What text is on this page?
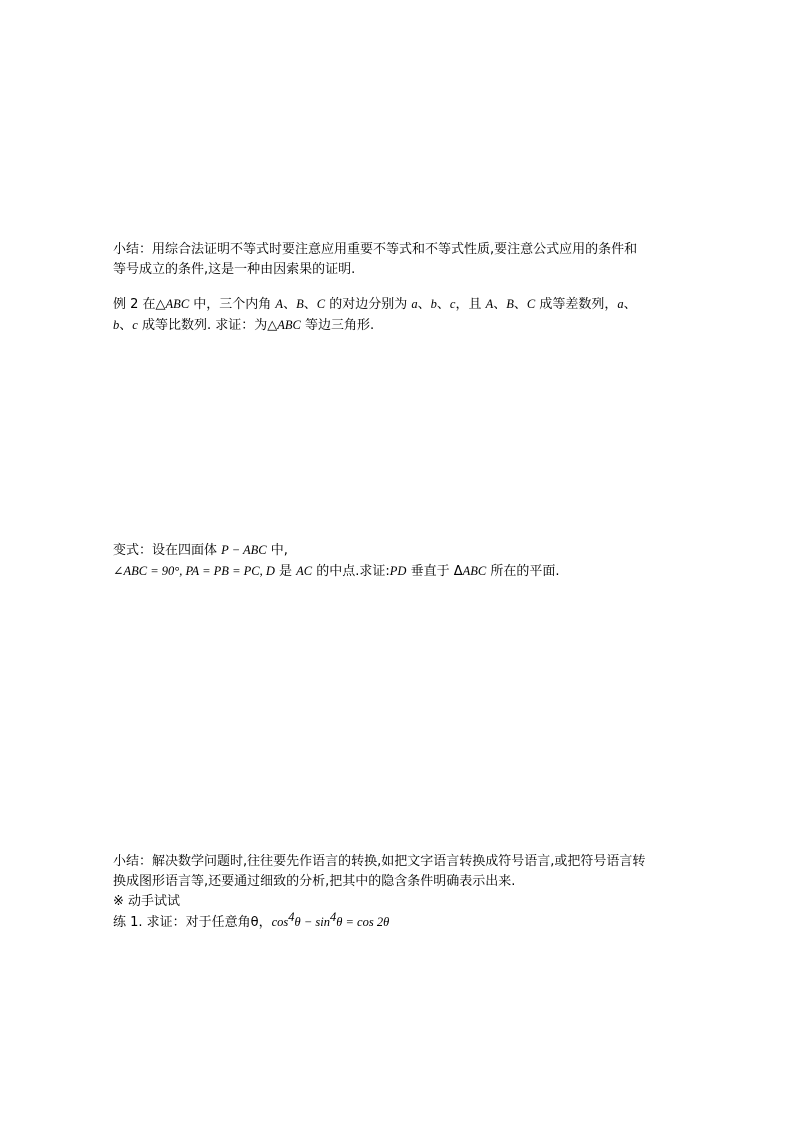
小结：用综合法证明不等式时要注意应用重要不等式和不等式性质,要注意公式应用的条件和
等号成立的条件,这是一种由因索果的证明.
例 2 在△ABC 中，三个内角 A、B、C 的对边分别为 a、b、c，且 A、B、C 成等差数列，a、
b、c 成等比数列. 求证：为△ABC 等边三角形.
变式：设在四面体 P − ABC 中,
∠ABC = 90°, PA = PB = PC, D 是 AC 的中点.求证:PD 垂直于 ΔABC 所在的平面.
小结：解决数学问题时,往往要先作语言的转换,如把文字语言转换成符号语言,或把符号语言转
换成图形语言等,还要通过细致的分析,把其中的隐含条件明确表示出来.
※ 动手试试
练 1. 求证：对于任意角θ，$\cos^4\theta - \sin^4\theta = \cos 2\theta$
